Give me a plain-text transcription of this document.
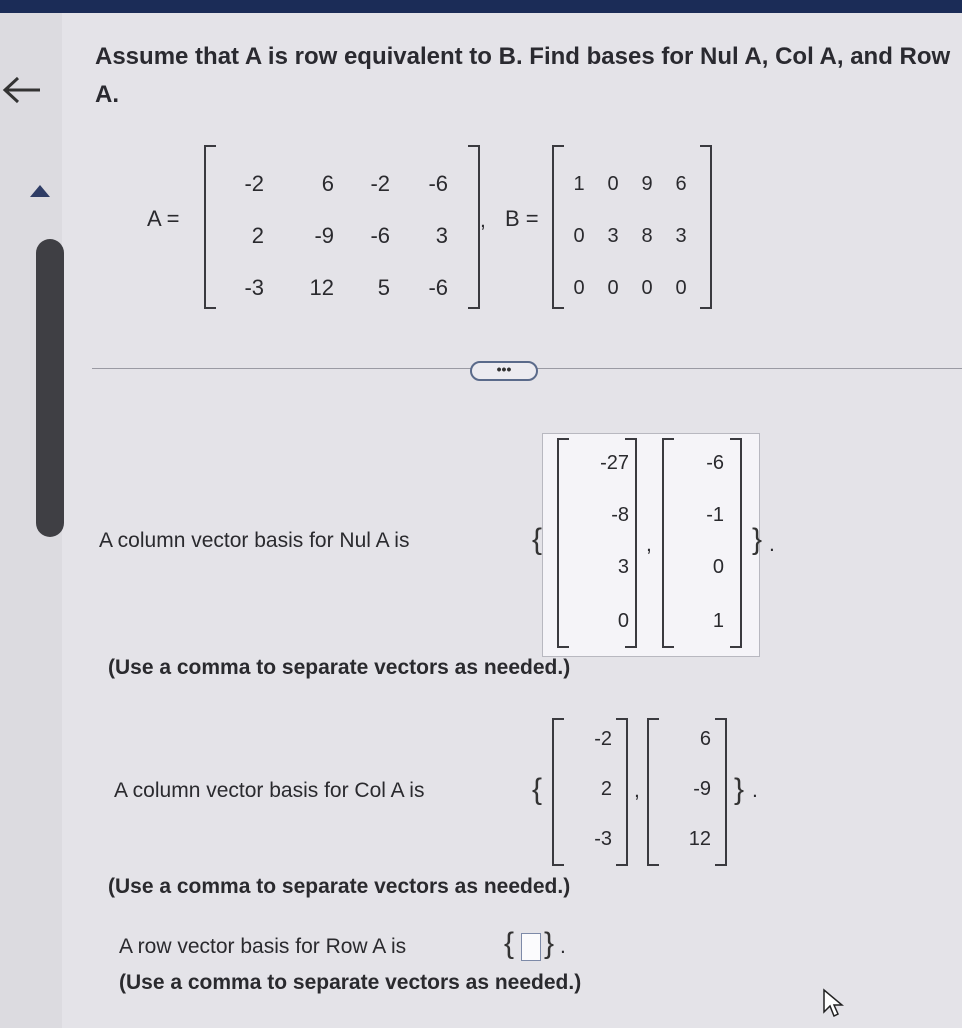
Assume that A is row equivalent to B. Find bases for Nul A, Col A, and Row A.
A =
-2	6	-2	-6
2	-9	-6	3
-3	12	5	-6
, B =
1 0 9 6
0 3 8 3
0 0 0 0
•••
A column vector basis for Nul A is	{
-27
-8
3
0
,
-6
-1
0
1
} .
(Use a comma to separate vectors as needed.)
A column vector basis for Col A is	{
-2
2
-3
,
6
-9
12
} .
(Use a comma to separate vectors as needed.)
A row vector basis for Row A is	{ } .
(Use a comma to separate vectors as needed.)
